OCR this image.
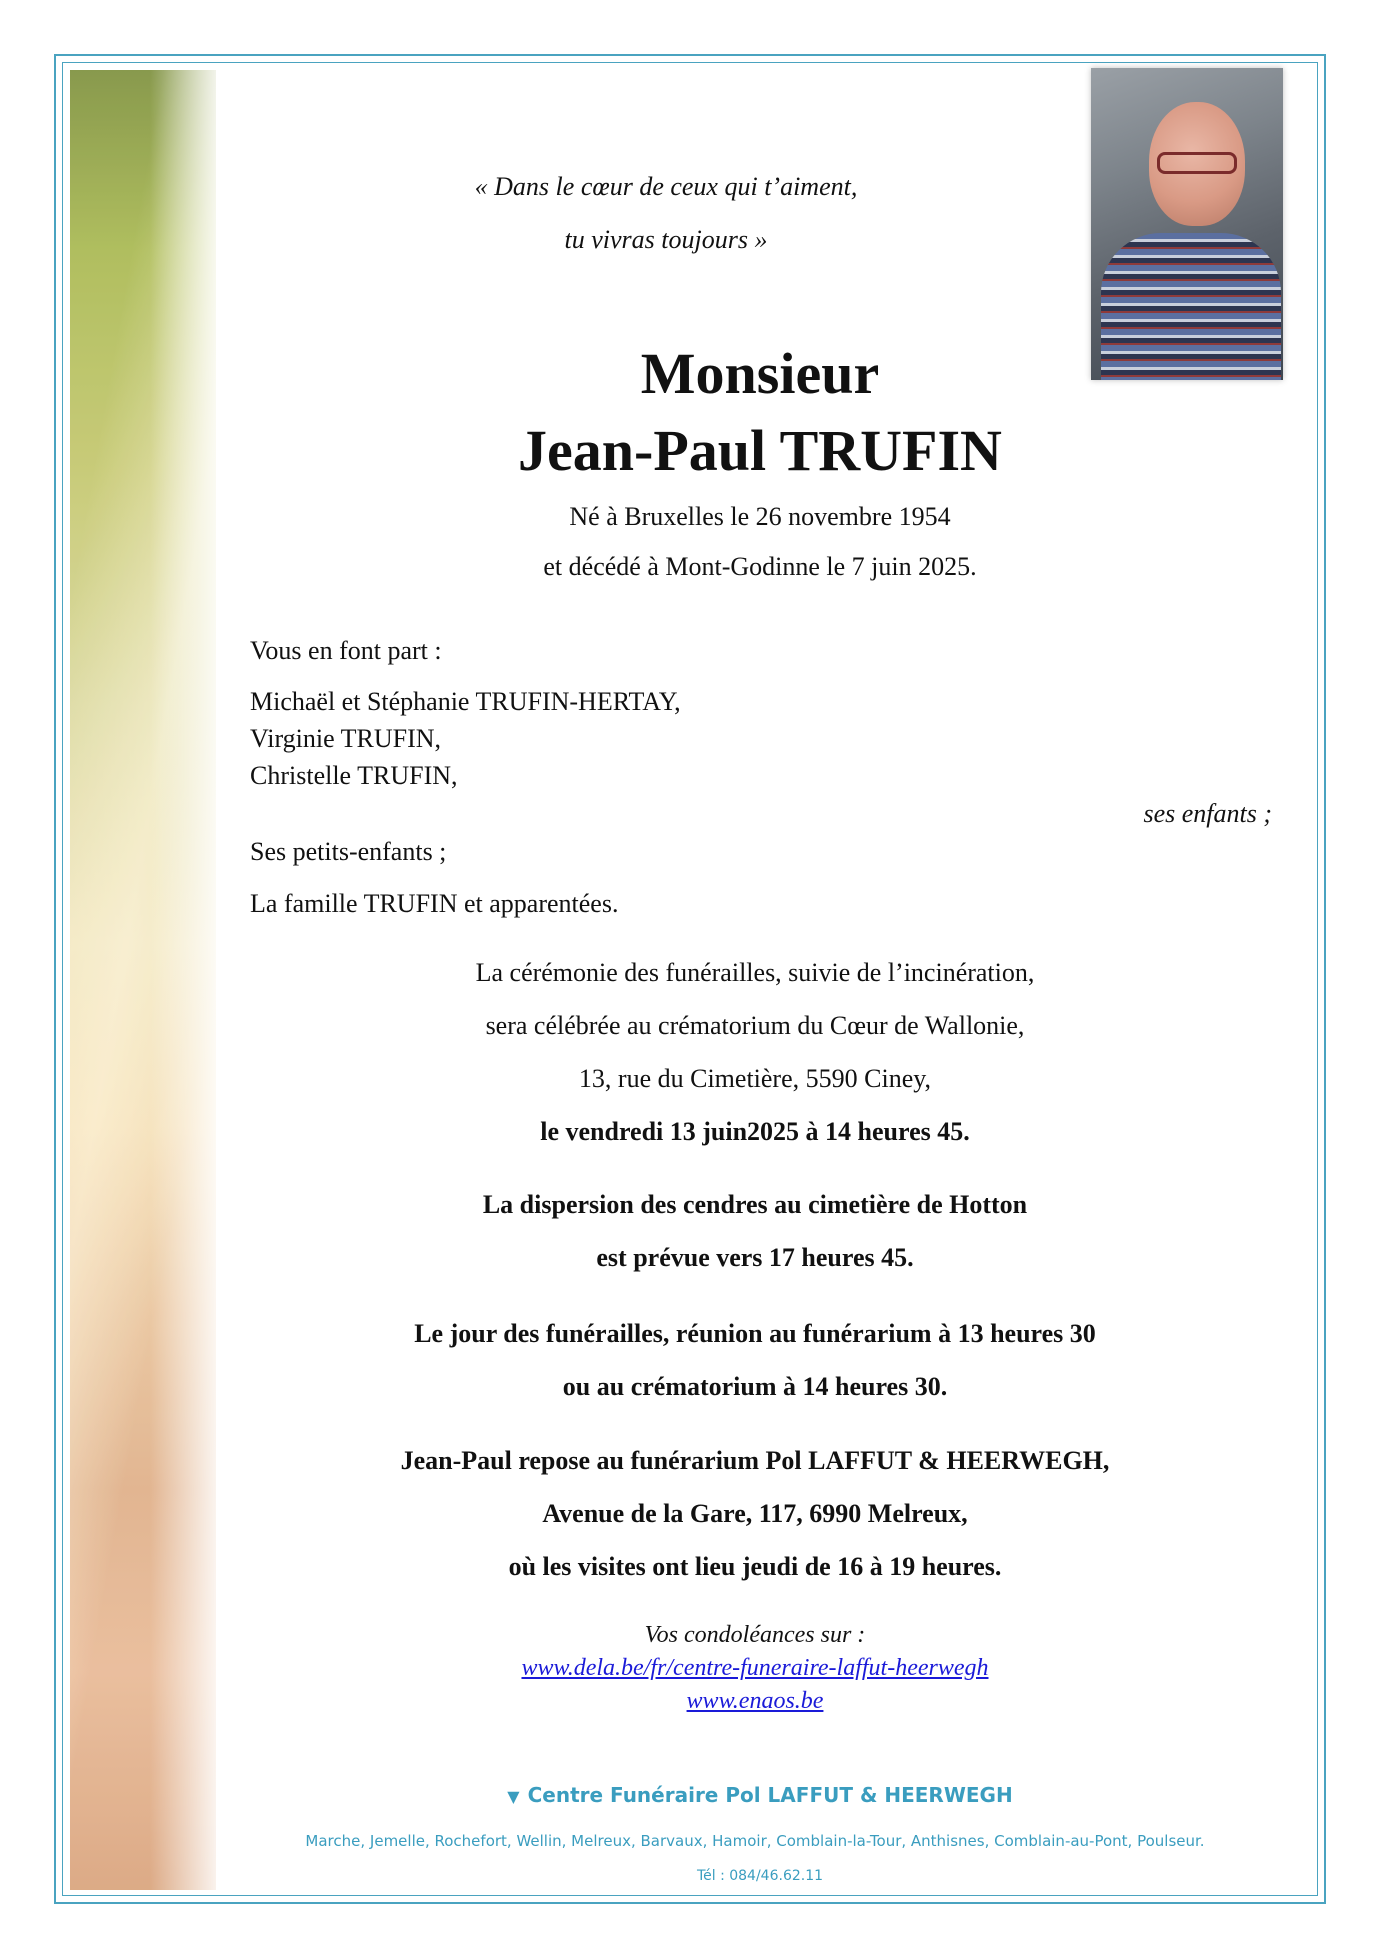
« Dans le cœur de ceux qui t’aiment,
tu vivras toujours »
Monsieur
Jean-Paul TRUFIN
Né à Bruxelles le 26 novembre 1954
et décédé à Mont-Godinne le 7 juin 2025.
Vous en font part :
Michaël et Stéphanie TRUFIN-HERTAY,
Virginie TRUFIN,
Christelle TRUFIN,
ses enfants ;
Ses petits-enfants ;
La famille TRUFIN et apparentées.
La cérémonie des funérailles, suivie de l’incinération,
sera célébrée au crématorium du Cœur de Wallonie,
13, rue du Cimetière, 5590 Ciney,
le vendredi 13 juin2025 à 14 heures 45.
La dispersion des cendres au cimetière de Hotton
est prévue vers 17 heures 45.
Le jour des funérailles, réunion au funérarium à 13 heures 30
ou au crématorium à 14 heures 30.
Jean-Paul repose au funérarium Pol LAFFUT & HEERWEGH,
Avenue de la Gare, 117, 6990 Melreux,
où les visites ont lieu jeudi de 16 à 19 heures.
Vos condoléances sur :
www.dela.be/fr/centre-funeraire-laffut-heerwegh
www.enaos.be
▼ Centre Funéraire Pol LAFFUT & HEERWEGH
Marche, Jemelle, Rochefort, Wellin, Melreux, Barvaux, Hamoir, Comblain-la-Tour, Anthisnes, Comblain-au-Pont, Poulseur.
Tél : 084/46.62.11
